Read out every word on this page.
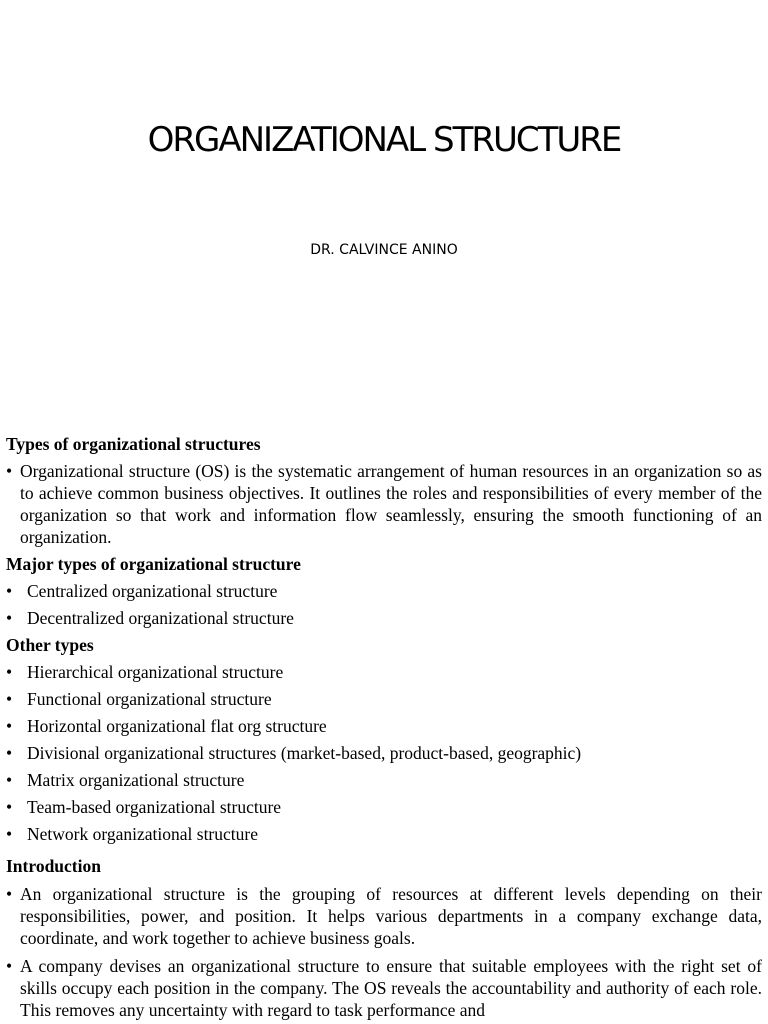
ORGANIZATIONAL STRUCTURE
DR. CALVINCE ANINO

Types of organizational structures

• Organizational structure (OS) is the systematic arrangement of human resources in an organization so as to achieve common business objectives. It outlines the roles and responsibilities of every member of the organization so that work and information flow seamlessly, ensuring the smooth functioning of an organization.

Major types of organizational structure

• Centralized organizational structure

• Decentralized organizational structure

Other types

• Hierarchical organizational structure

• Functional organizational structure

• Horizontal organizational flat org structure

• Divisional organizational structures (market-based, product-based, geographic)

• Matrix organizational structure

• Team-based organizational structure

• Network organizational structure

Introduction

• An organizational structure is the grouping of resources at different levels depending on their responsibilities, power, and position. It helps various departments in a company exchange data, coordinate, and work together to achieve business goals.

• A company devises an organizational structure to ensure that suitable employees with the right set of skills occupy each position in the company. The OS reveals the accountability and authority of each role. This removes any uncertainty with regard to task performance and
